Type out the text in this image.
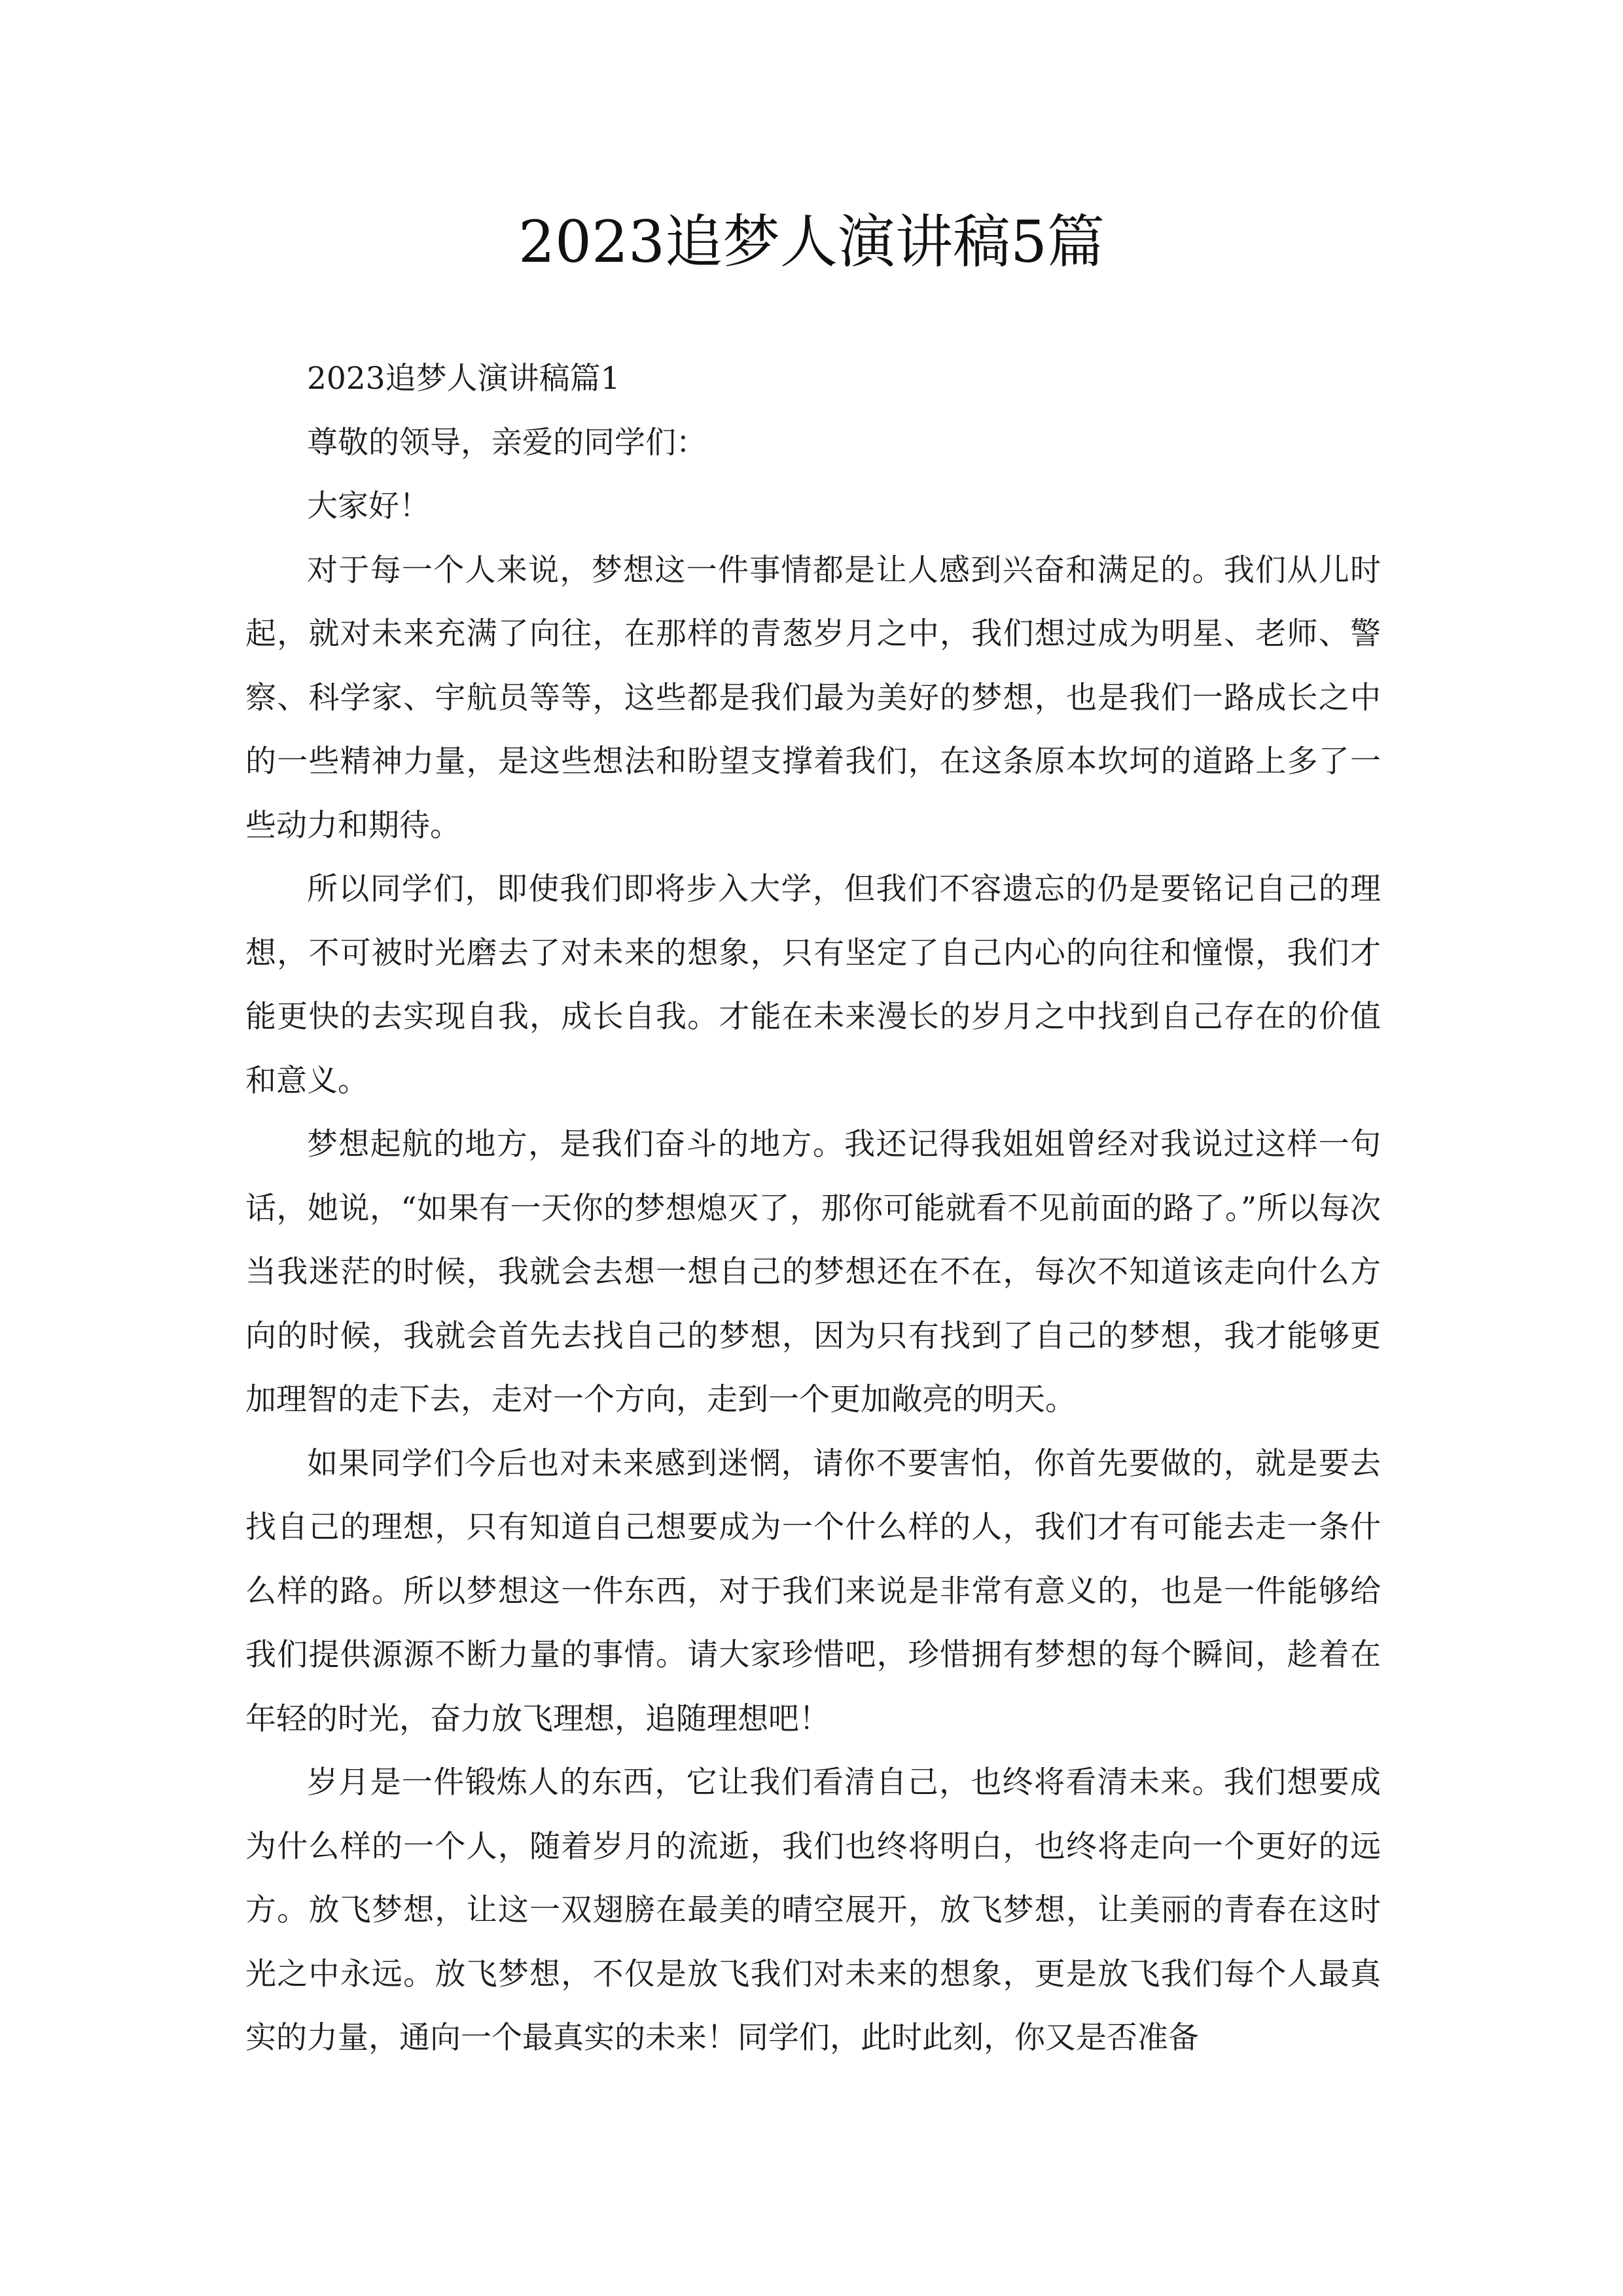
2023追梦人演讲稿5篇

2023追梦人演讲稿篇1

尊敬的领导，亲爱的同学们：

大家好！

对于每一个人来说，梦想这一件事情都是让人感到兴奋和满足的。我们从儿时起，就对未来充满了向往，在那样的青葱岁月之中，我们想过成为明星、老师、警察、科学家、宇航员等等，这些都是我们最为美好的梦想，也是我们一路成长之中的一些精神力量，是这些想法和盼望支撑着我们，在这条原本坎坷的道路上多了一些动力和期待。

所以同学们，即使我们即将步入大学，但我们不容遗忘的仍是要铭记自己的理想，不可被时光磨去了对未来的想象，只有坚定了自己内心的向往和憧憬，我们才能更快的去实现自我，成长自我。才能在未来漫长的岁月之中找到自己存在的价值和意义。

梦想起航的地方，是我们奋斗的地方。我还记得我姐姐曾经对我说过这样一句话，她说，“如果有一天你的梦想熄灭了，那你可能就看不见前面的路了。”所以每次当我迷茫的时候，我就会去想一想自己的梦想还在不在，每次不知道该走向什么方向的时候，我就会首先去找自己的梦想，因为只有找到了自己的梦想，我才能够更加理智的走下去，走对一个方向，走到一个更加敞亮的明天。

如果同学们今后也对未来感到迷惘，请你不要害怕，你首先要做的，就是要去找自己的理想，只有知道自己想要成为一个什么样的人，我们才有可能去走一条什么样的路。所以梦想这一件东西，对于我们来说是非常有意义的，也是一件能够给我们提供源源不断力量的事情。请大家珍惜吧，珍惜拥有梦想的每个瞬间，趁着在年轻的时光，奋力放飞理想，追随理想吧！

岁月是一件锻炼人的东西，它让我们看清自己，也终将看清未来。我们想要成为什么样的一个人，随着岁月的流逝，我们也终将明白，也终将走向一个更好的远方。放飞梦想，让这一双翅膀在最美的晴空展开，放飞梦想，让美丽的青春在这时光之中永远。放飞梦想，不仅是放飞我们对未来的想象，更是放飞我们每个人最真实的力量，通向一个最真实的未来！同学们，此时此刻，你又是否准备
